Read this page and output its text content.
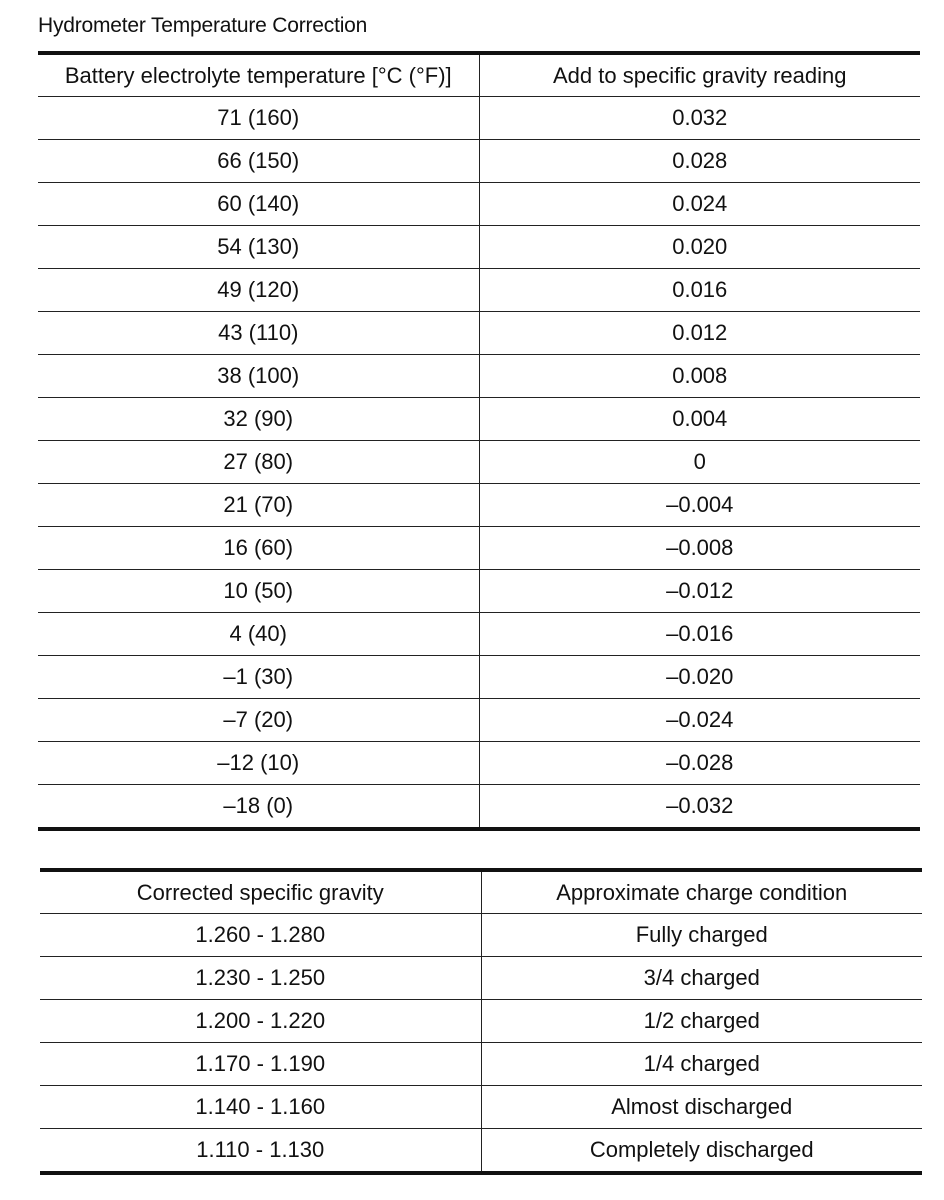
Hydrometer Temperature Correction
Battery electrolyte temperature [°C (°F)]	Add to specific gravity reading
71 (160)	0.032
66 (150)	0.028
60 (140)	0.024
54 (130)	0.020
49 (120)	0.016
43 (110)	0.012
38 (100)	0.008
32 (90)	0.004
27 (80)	0
21 (70)	–0.004
16 (60)	–0.008
10 (50)	–0.012
4 (40)	–0.016
–1 (30)	–0.020
–7 (20)	–0.024
–12 (10)	–0.028
–18 (0)	–0.032
Corrected specific gravity	Approximate charge condition
1.260 - 1.280	Fully charged
1.230 - 1.250	3/4 charged
1.200 - 1.220	1/2 charged
1.170 - 1.190	1/4 charged
1.140 - 1.160	Almost discharged
1.110 - 1.130	Completely discharged
